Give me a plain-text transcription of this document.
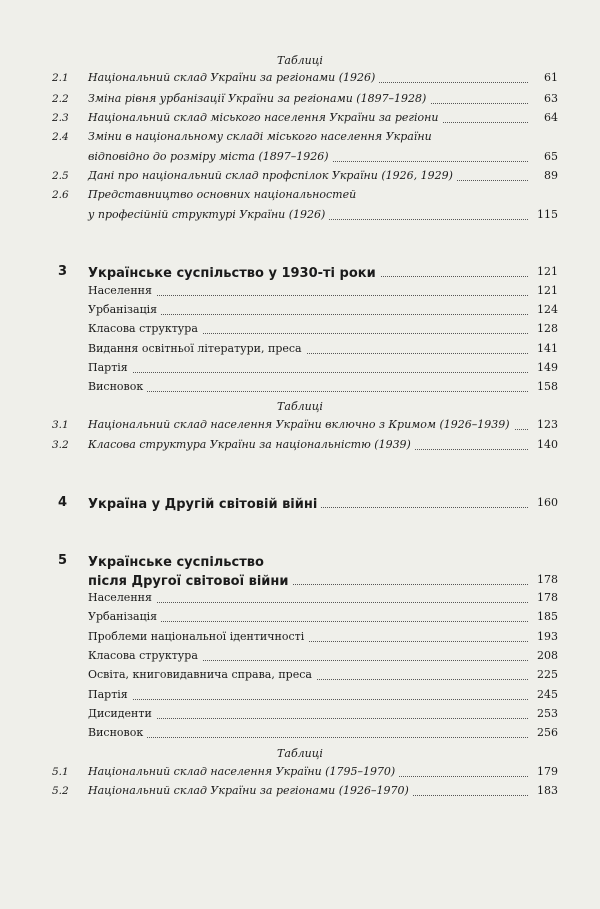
Таблиці
2.1	Національний склад України за регіонами (1926)	61
2.2	Зміна рівня урбанізації України за регіонами (1897–1928)	63
2.3	Національний склад міського населення України за регіони	64
2.4	Зміни в національному складі міського населення України
відповідно до розміру міста (1897–1926)	65
2.5	Дані про національний склад профспілок України (1926, 1929)	89
2.6	Представництво основних національностей
у професійній структурі України (1926)	115
3 Українське суспільство у 1930-ті роки	121
Населення	121
Урбанізація	124
Класова структура	128
Видання освітньої літератури, преса	141
Партія	149
Висновок	158
Таблиці
3.1	Національний склад населення України включно з Кримом (1926–1939)	123
3.2	Класова структура України за національністю (1939)	140
4 Україна у Другій світовій війні	160
5 Українське суспільство
після Другої світової війни	178
Населення	178
Урбанізація	185
Проблеми національної ідентичності	193
Класова структура	208
Освіта, книговидавнича справа, преса	225
Партія	245
Дисиденти	253
Висновок	256
Таблиці
5.1	Національний склад населення України (1795–1970)	179
5.2	Національний склад України за регіонами (1926–1970)	183
